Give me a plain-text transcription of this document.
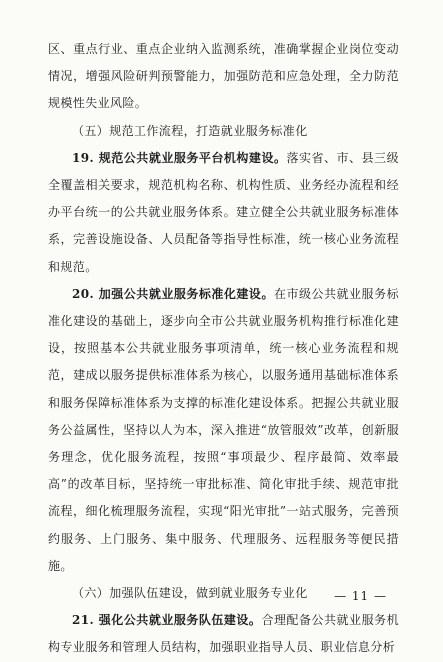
区、重点行业、重点企业纳入监测系统，准确掌握企业岗位变动情况，增强风险研判预警能力，加强防范和应急处理，全力防范规模性失业风险。

（五）规范工作流程，打造就业服务标准化

19. 规范公共就业服务平台机构建设。落实省、市、县三级全覆盖相关要求，规范机构名称、机构性质、业务经办流程和经办平台统一的公共就业服务体系。建立健全公共就业服务标准体系，完善设施设备、人员配备等指导性标准，统一核心业务流程和规范。

20. 加强公共就业服务标准化建设。在市级公共就业服务标准化建设的基础上，逐步向全市公共就业服务机构推行标准化建设，按照基本公共就业服务事项清单，统一核心业务流程和规范，建成以服务提供标准体系为核心，以服务通用基础标准体系和服务保障标准体系为支撑的标准化建设体系。把握公共就业服务公益属性，坚持以人为本，深入推进“放管服效”改革，创新服务理念，优化服务流程，按照“事项最少、程序最简、效率最高”的改革目标，坚持统一审批标准、简化审批手续、规范审批流程，细化梳理服务流程，实现“阳光审批”一站式服务，完善预约服务、上门服务、集中服务、代理服务、远程服务等便民措施。

（六）加强队伍建设，做到就业服务专业化

21. 强化公共就业服务队伍建设。合理配备公共就业服务机构专业服务和管理人员结构，加强职业指导人员、职业信息分析

— 11 —
